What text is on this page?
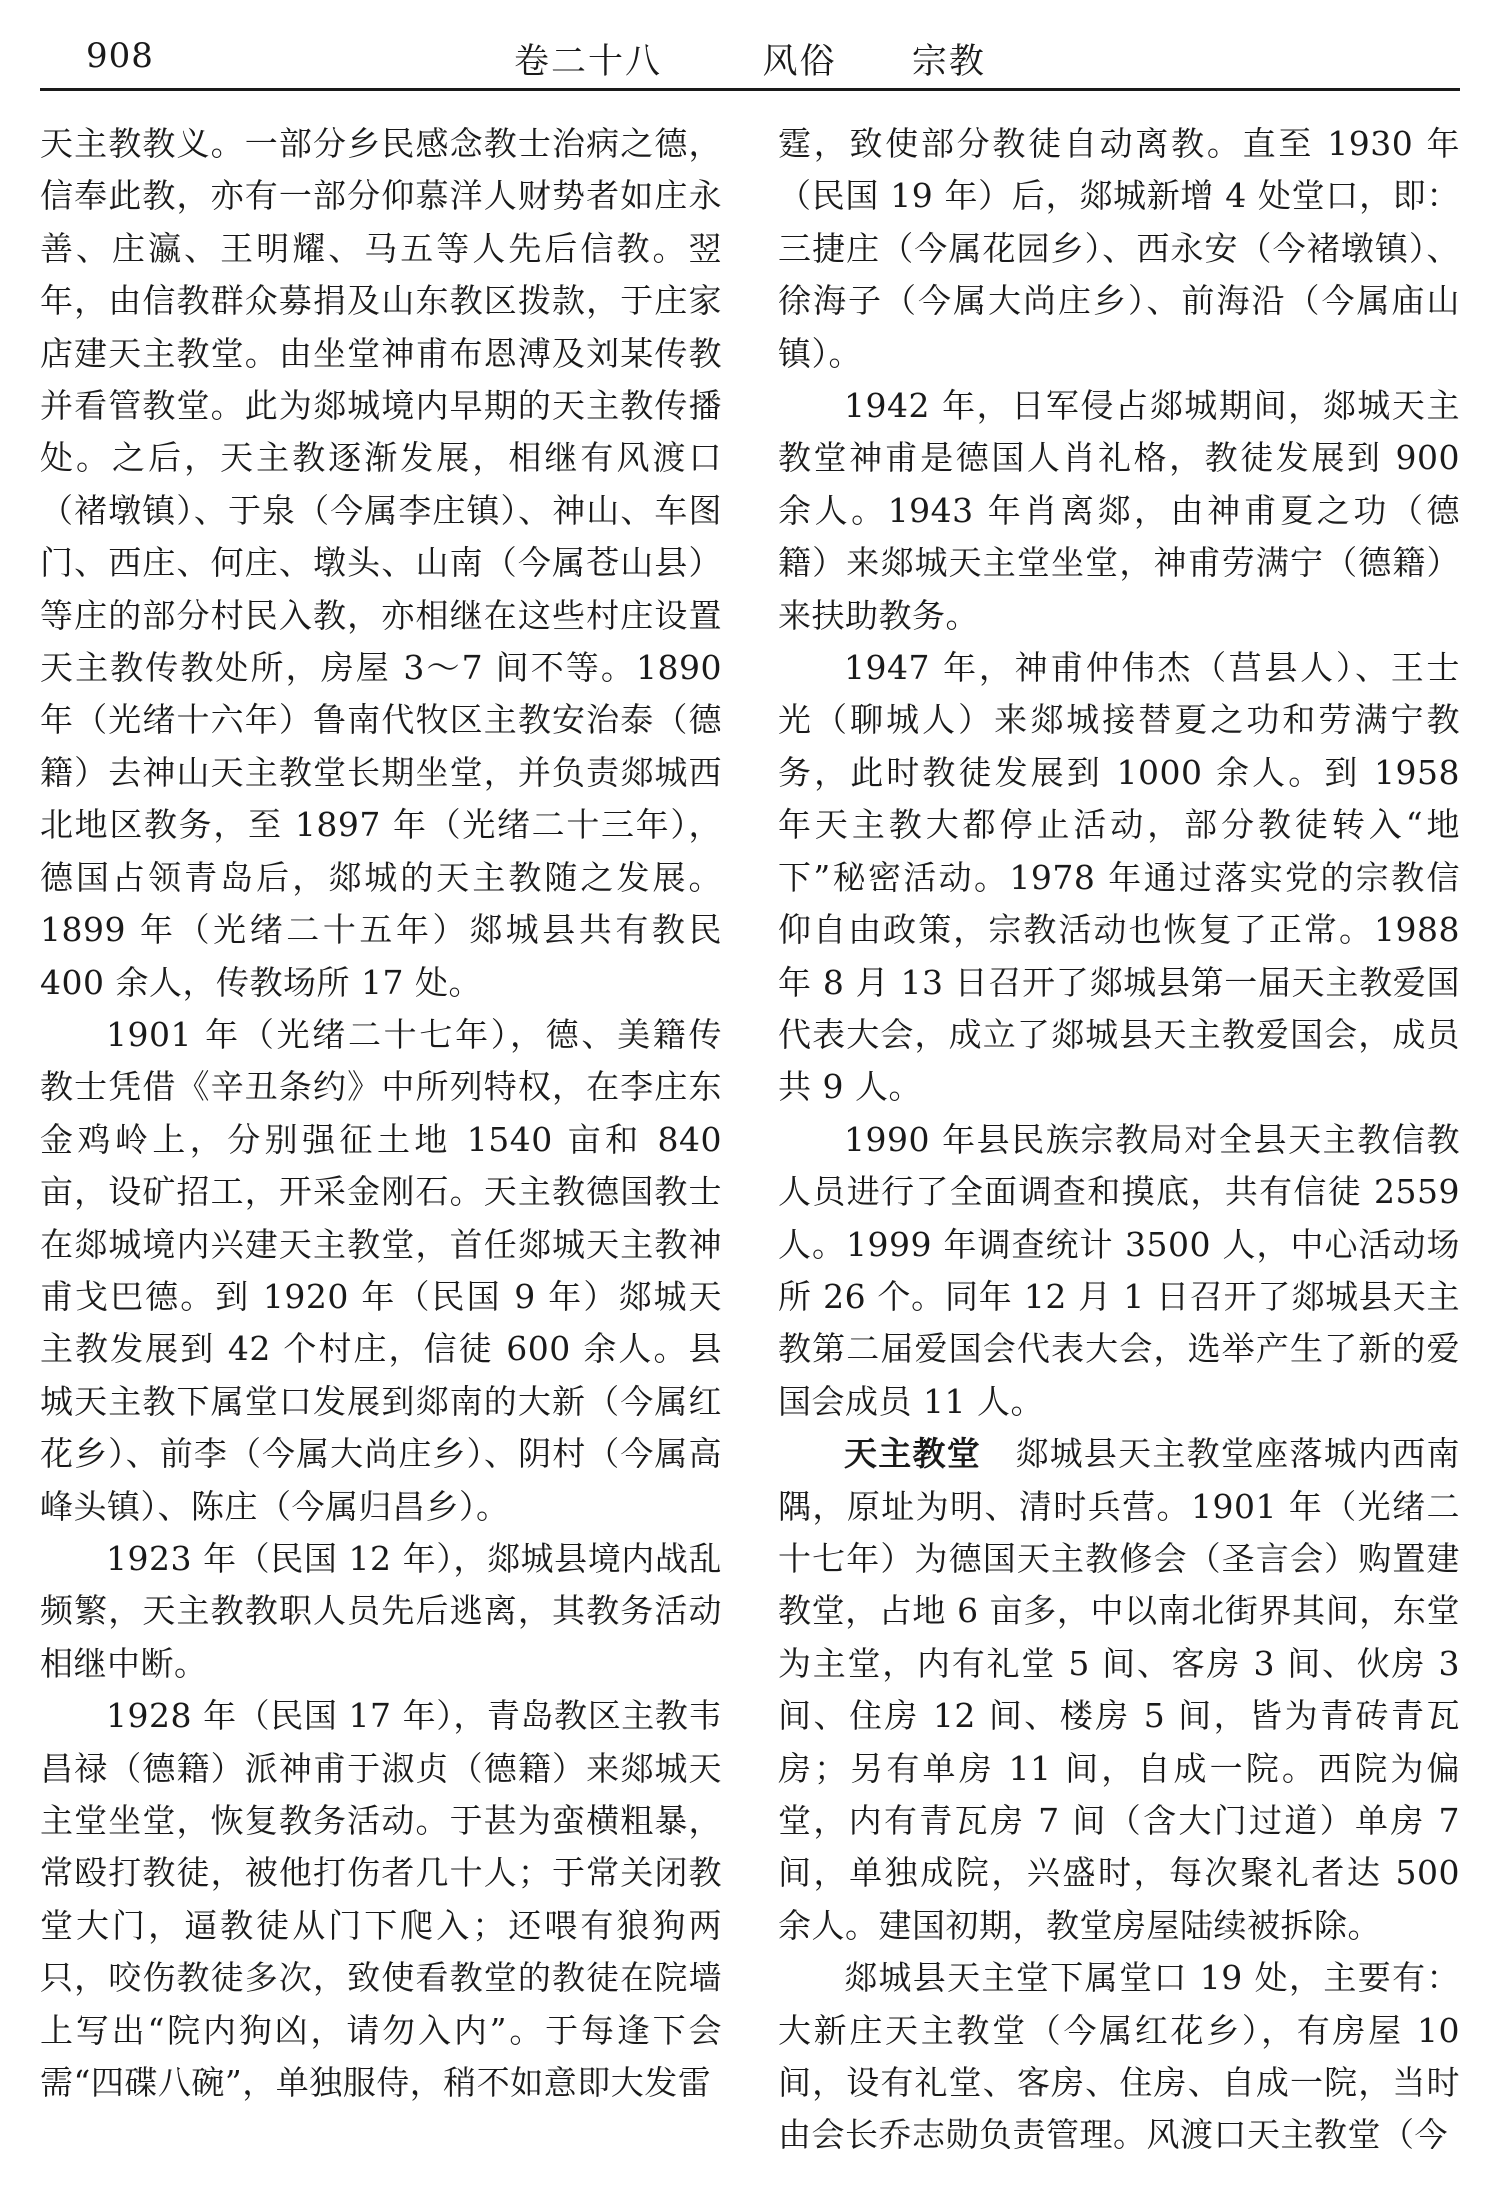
908	卷二十八    风俗   宗教

天主教教义。一部分乡民感念教士治病之德，信奉此教，亦有一部分仰慕洋人财势者如庄永善、庄瀛、王明耀、马五等人先后信教。翌年，由信教群众募捐及山东教区拨款，于庄家店建天主教堂。由坐堂神甫布恩溥及刘某传教并看管教堂。此为郯城境内早期的天主教传播处。之后，天主教逐渐发展，相继有风渡口（褚墩镇）、于泉（今属李庄镇）、神山、车图门、西庄、何庄、墩头、山南（今属苍山县）等庄的部分村民入教，亦相继在这些村庄设置天主教传教处所，房屋 3～7 间不等。1890 年（光绪十六年）鲁南代牧区主教安治泰（德籍）去神山天主教堂长期坐堂，并负责郯城西北地区教务，至 1897 年（光绪二十三年），德国占领青岛后，郯城的天主教随之发展。1899 年（光绪二十五年）郯城县共有教民 400 余人，传教场所 17 处。

1901 年（光绪二十七年），德、美籍传教士凭借《辛丑条约》中所列特权，在李庄东金鸡岭上，分别强征土地 1540 亩和 840 亩，设矿招工，开采金刚石。天主教德国教士在郯城境内兴建天主教堂，首任郯城天主教神甫戈巴德。到 1920 年（民国 9 年）郯城天主教发展到 42 个村庄，信徒 600 余人。县城天主教下属堂口发展到郯南的大新（今属红花乡）、前李（今属大尚庄乡）、阴村（今属高峰头镇）、陈庄（今属归昌乡）。

1923 年（民国 12 年），郯城县境内战乱频繁，天主教教职人员先后逃离，其教务活动相继中断。

1928 年（民国 17 年），青岛教区主教韦昌禄（德籍）派神甫于淑贞（德籍）来郯城天主堂坐堂，恢复教务活动。于甚为蛮横粗暴，常殴打教徒，被他打伤者几十人；于常关闭教堂大门，逼教徒从门下爬入；还喂有狼狗两只，咬伤教徒多次，致使看教堂的教徒在院墙上写出“院内狗凶，请勿入内”。于每逢下会需“四碟八碗”，单独服侍，稍不如意即大发雷

霆，致使部分教徒自动离教。直至 1930 年（民国 19 年）后，郯城新增 4 处堂口，即：三捷庄（今属花园乡）、西永安（今褚墩镇）、徐海子（今属大尚庄乡）、前海沿（今属庙山镇）。

1942 年，日军侵占郯城期间，郯城天主教堂神甫是德国人肖礼格，教徒发展到 900 余人。1943 年肖离郯，由神甫夏之功（德籍）来郯城天主堂坐堂，神甫劳满宁（德籍）来扶助教务。

1947 年，神甫仲伟杰（莒县人）、王士光（聊城人）来郯城接替夏之功和劳满宁教务，此时教徒发展到 1000 余人。到 1958 年天主教大都停止活动，部分教徒转入“地下”秘密活动。1978 年通过落实党的宗教信仰自由政策，宗教活动也恢复了正常。1988 年 8 月 13 日召开了郯城县第一届天主教爱国代表大会，成立了郯城县天主教爱国会，成员共 9 人。

1990 年县民族宗教局对全县天主教信教人员进行了全面调查和摸底，共有信徒 2559 人。1999 年调查统计 3500 人，中心活动场所 26 个。同年 12 月 1 日召开了郯城县天主教第二届爱国会代表大会，选举产生了新的爱国会成员 11 人。

天主教堂　 郯城县天主教堂座落城内西南隅，原址为明、清时兵营。1901 年（光绪二十七年）为德国天主教修会（圣言会）购置建教堂，占地 6 亩多，中以南北街界其间，东堂为主堂，内有礼堂 5 间、客房 3 间、伙房 3 间、住房 12 间、楼房 5 间，皆为青砖青瓦房；另有单房 11 间，自成一院。西院为偏堂，内有青瓦房 7 间（含大门过道）单房 7 间，单独成院，兴盛时，每次聚礼者达 500 余人。建国初期，教堂房屋陆续被拆除。

郯城县天主堂下属堂口 19 处，主要有：大新庄天主教堂（今属红花乡），有房屋 10 间，设有礼堂、客房、住房、自成一院，当时由会长乔志勋负责管理。风渡口天主教堂（今
